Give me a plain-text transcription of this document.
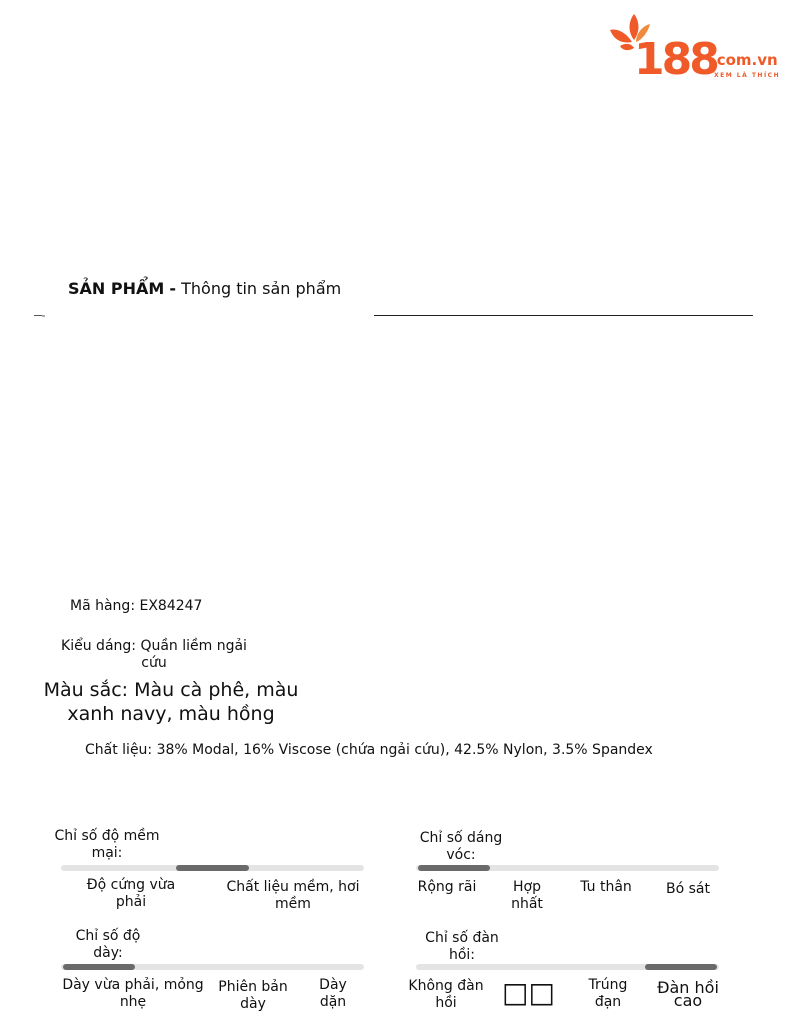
188
.com.vn
XEM LÀ THÍCH
SẢN PHẨM - Thông tin sản phẩm
Mã hàng: EX84247
Kiểu dáng: Quần liềm ngải cứu
Màu sắc: Màu cà phê, màu xanh navy, màu hồng
Chất liệu: 38% Modal, 16% Viscose (chứa ngải cứu), 42.5% Nylon, 3.5% Spandex
Chỉ số độ mềm mại:
Độ cứng vừa phải
Chất liệu mềm, hơi mềm
Chỉ số dáng vóc:
Rộng rãi	Hợp nhất
Tu thân	Bó sát
Chỉ số độ dày:
Dày vừa phải, mỏng nhẹ
Phiên bản dày
Dày dặn
Chỉ số đàn hồi:
Không đàn hồi	□□	Trúng đạn
Đàn hồi cao
